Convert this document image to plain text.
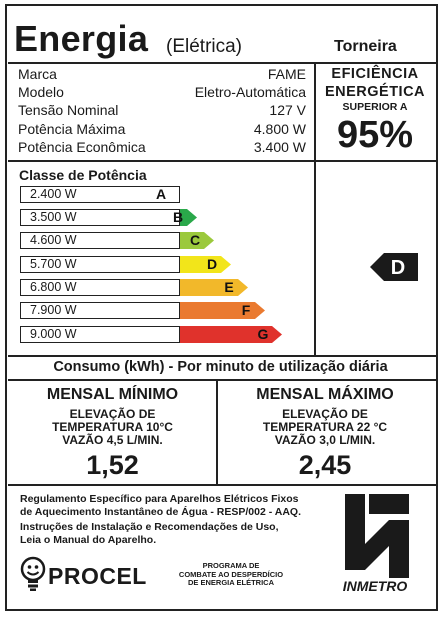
Energia (Elétrica)	Torneira
Marca	FAME
Modelo	Eletro-Automática
Tensão Nominal	127 V
Potência Máxima	4.800 W
Potência Econômica	3.400 W
EFICIÊNCIA
ENERGÉTICA
SUPERIOR A
95%
Classe de Potência
2.400 W	A
3.500 W	B
4.600 W	C
5.700 W	D
6.800 W	E
7.900 W	F
9.000 W	G
D
Consumo (kWh) - Por minuto de utilização diária
MENSAL MÍNIMO
ELEVAÇÃO DE
TEMPERATURA 10°C
VAZÃO 4,5 L/MIN.
1,52
MENSAL MÁXIMO
ELEVAÇÃO DE
TEMPERATURA 22 °C
VAZÃO 3,0 L/MIN.
2,45
Regulamento Específico para Aparelhos Elétricos Fixos
de Aquecimento Instantâneo de Água - RESP/002 - AAQ.
Instruções de Instalação e Recomendações de Uso,
Leia o Manual do Aparelho.
PROCEL	PROGRAMA DE
COMBATE AO DESPERDÍCIO
DE ENERGIA ELÉTRICA	INMETRO
